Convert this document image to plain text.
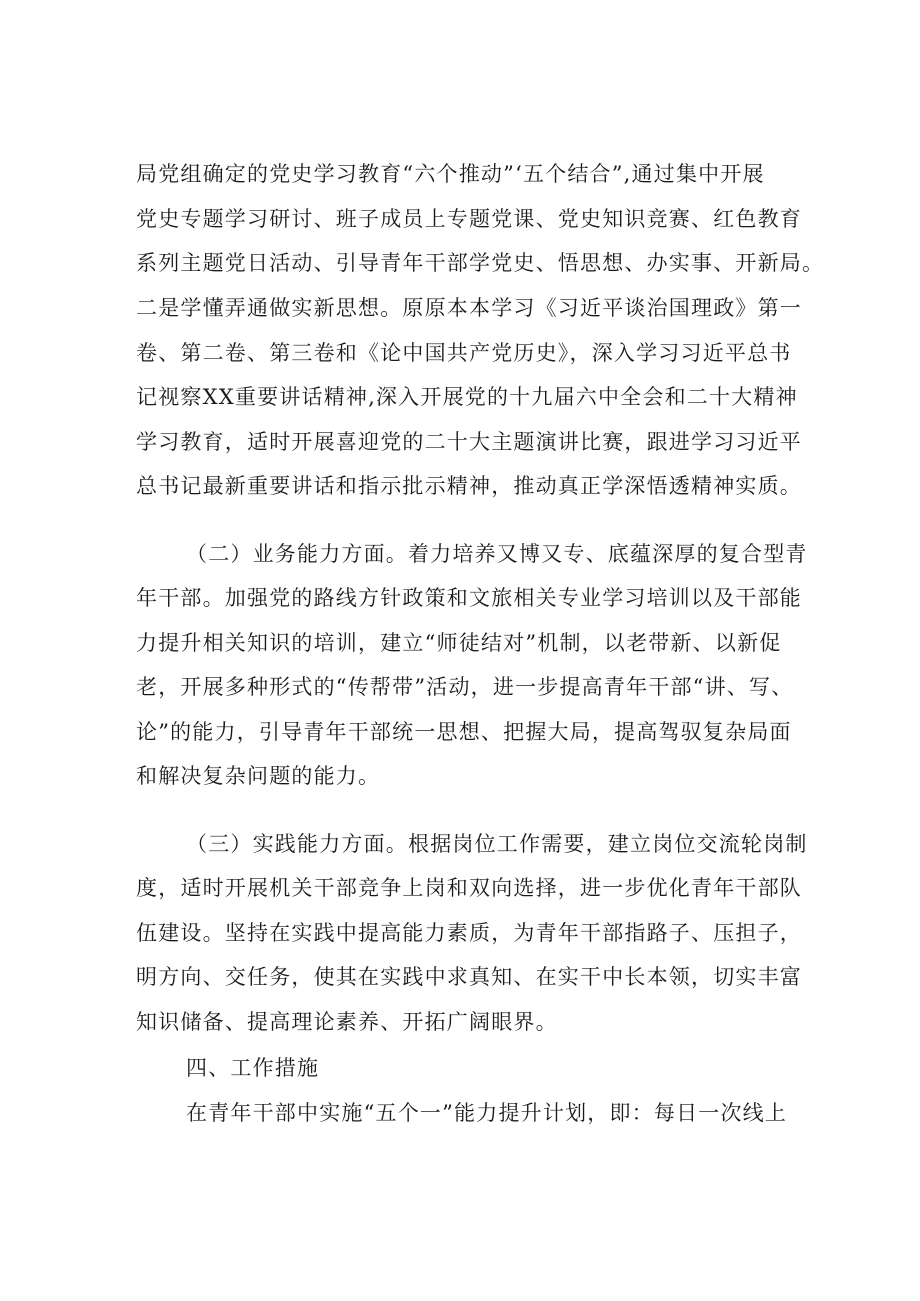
局党组确定的党史学习教育“六个推动”‘五个结合”,通过集中开展
党史专题学习研讨、班子成员上专题党课、党史知识竞赛、红色教育
系列主题党日活动、引导青年干部学党史、悟思想、办实事、开新局。
二是学懂弄通做实新思想。原原本本学习《习近平谈治国理政》第一
卷、第二卷、第三卷和《论中国共产党历史》，深入学习习近平总书
记视察XX重要讲话精神,深入开展党的十九届六中全会和二十大精神
学习教育，适时开展喜迎党的二十大主题演讲比赛，跟进学习习近平
总书记最新重要讲话和指示批示精神，推动真正学深悟透精神实质。
（二）业务能力方面。着力培养又博又专、底蕴深厚的复合型青
年干部。加强党的路线方针政策和文旅相关专业学习培训以及干部能
力提升相关知识的培训，建立“师徒结对”机制，以老带新、以新促
老，开展多种形式的“传帮带”活动，进一步提高青年干部“讲、写、
论”的能力，引导青年干部统一思想、把握大局，提高驾驭复杂局面
和解决复杂问题的能力。
（三）实践能力方面。根据岗位工作需要，建立岗位交流轮岗制
度，适时开展机关干部竞争上岗和双向选择，进一步优化青年干部队
伍建设。坚持在实践中提高能力素质，为青年干部指路子、压担子，
明方向、交任务，使其在实践中求真知、在实干中长本领，切实丰富
知识储备、提高理论素养、开拓广阔眼界。
四、工作措施
在青年干部中实施“五个一”能力提升计划，即：每日一次线上
